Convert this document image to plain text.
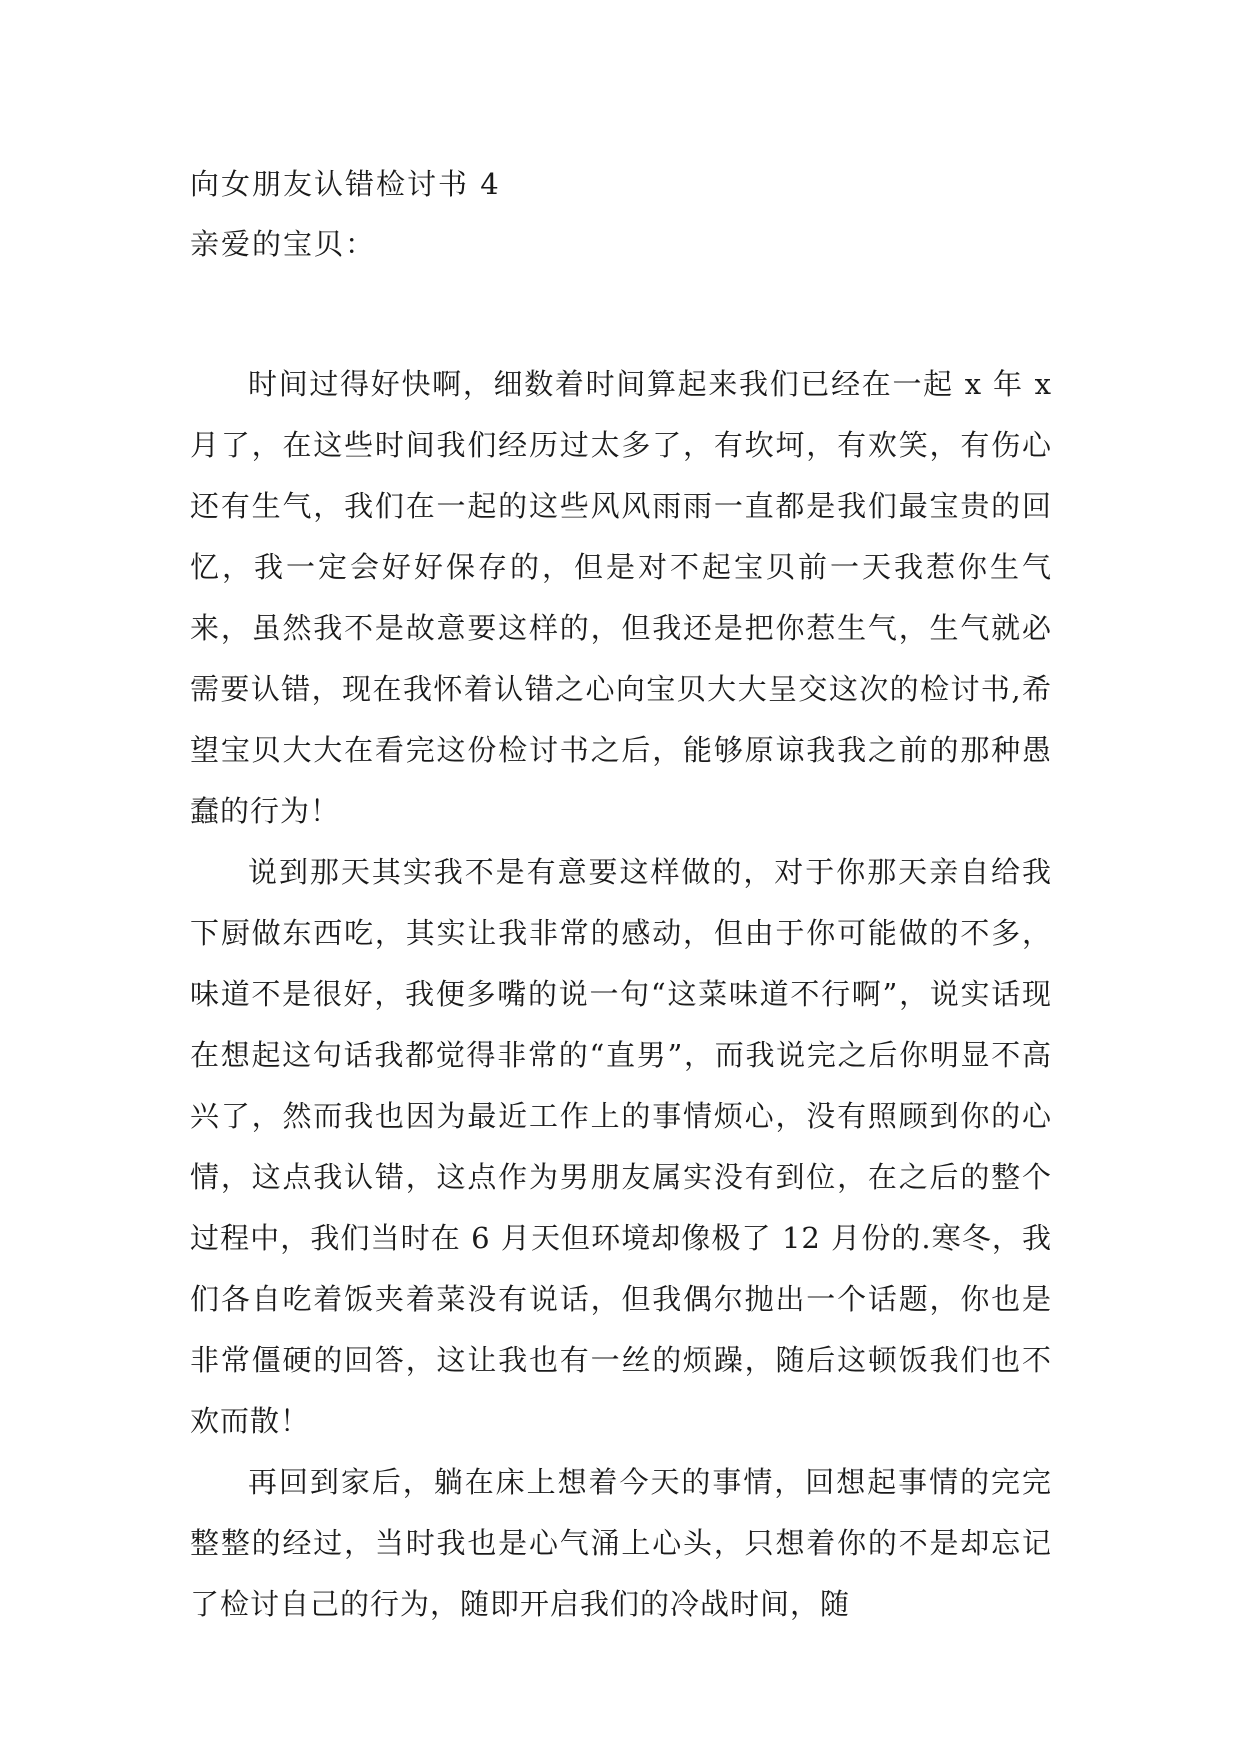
向女朋友认错检讨书 4
亲爱的宝贝：

时间过得好快啊，细数着时间算起来我们已经在一起 x 年 x 月了，在这些时间我们经历过太多了，有坎坷，有欢笑，有伤心还有生气，我们在一起的这些风风雨雨一直都是我们最宝贵的回忆，我一定会好好保存的，但是对不起宝贝前一天我惹你生气来，虽然我不是故意要这样的，但我还是把你惹生气，生气就必需要认错，现在我怀着认错之心向宝贝大大呈交这次的检讨书,希望宝贝大大在看完这份检讨书之后，能够原谅我我之前的那种愚蠢的行为！

说到那天其实我不是有意要这样做的，对于你那天亲自给我下厨做东西吃，其实让我非常的感动，但由于你可能做的不多，味道不是很好，我便多嘴的说一句“这菜味道不行啊”，说实话现在想起这句话我都觉得非常的“直男”，而我说完之后你明显不高兴了，然而我也因为最近工作上的事情烦心，没有照顾到你的心情，这点我认错，这点作为男朋友属实没有到位，在之后的整个过程中，我们当时在 6 月天但环境却像极了 12 月份的.寒冬，我们各自吃着饭夹着菜没有说话，但我偶尔抛出一个话题，你也是非常僵硬的回答，这让我也有一丝的烦躁，随后这顿饭我们也不欢而散！

再回到家后，躺在床上想着今天的事情，回想起事情的完完整整的经过，当时我也是心气涌上心头，只想着你的不是却忘记了检讨自己的行为，随即开启我们的冷战时间，随
